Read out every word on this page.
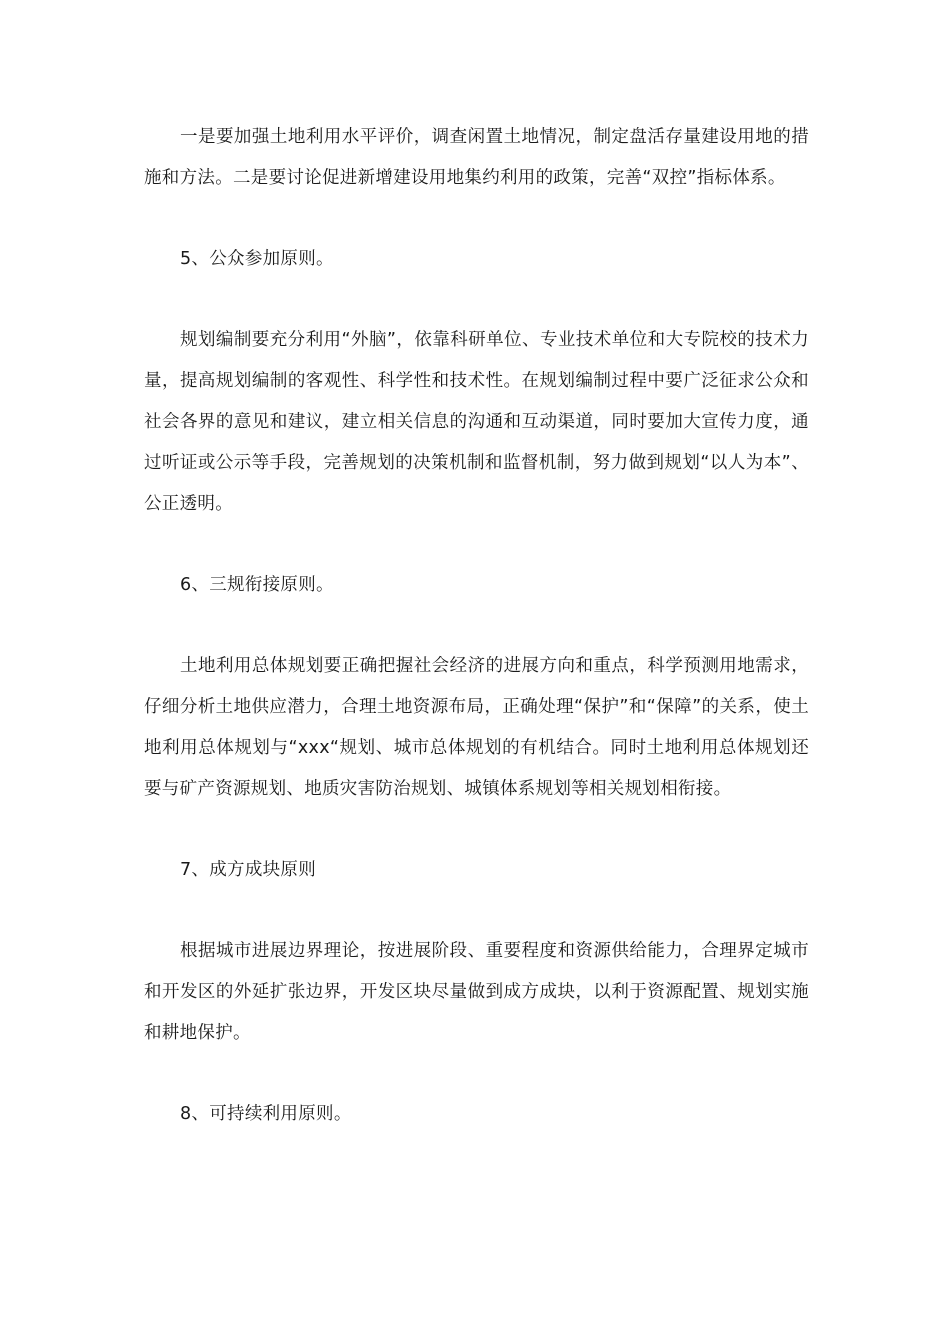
一是要加强土地利用水平评价，调查闲置土地情况，制定盘活存量建设用地的措施和方法。二是要讨论促进新增建设用地集约利用的政策，完善“双控”指标体系。

5、公众参加原则。

规划编制要充分利用“外脑”，依靠科研单位、专业技术单位和大专院校的技术力量，提高规划编制的客观性、科学性和技术性。在规划编制过程中要广泛征求公众和社会各界的意见和建议，建立相关信息的沟通和互动渠道，同时要加大宣传力度，通过听证或公示等手段，完善规划的决策机制和监督机制，努力做到规划“以人为本”、公正透明。

6、三规衔接原则。

土地利用总体规划要正确把握社会经济的进展方向和重点，科学预测用地需求，仔细分析土地供应潜力，合理土地资源布局，正确处理“保护”和“保障”的关系，使土地利用总体规划与“xxx“规划、城市总体规划的有机结合。同时土地利用总体规划还要与矿产资源规划、地质灾害防治规划、城镇体系规划等相关规划相衔接。

7、成方成块原则

根据城市进展边界理论，按进展阶段、重要程度和资源供给能力，合理界定城市和开发区的外延扩张边界，开发区块尽量做到成方成块，以利于资源配置、规划实施和耕地保护。

8、可持续利用原则。
